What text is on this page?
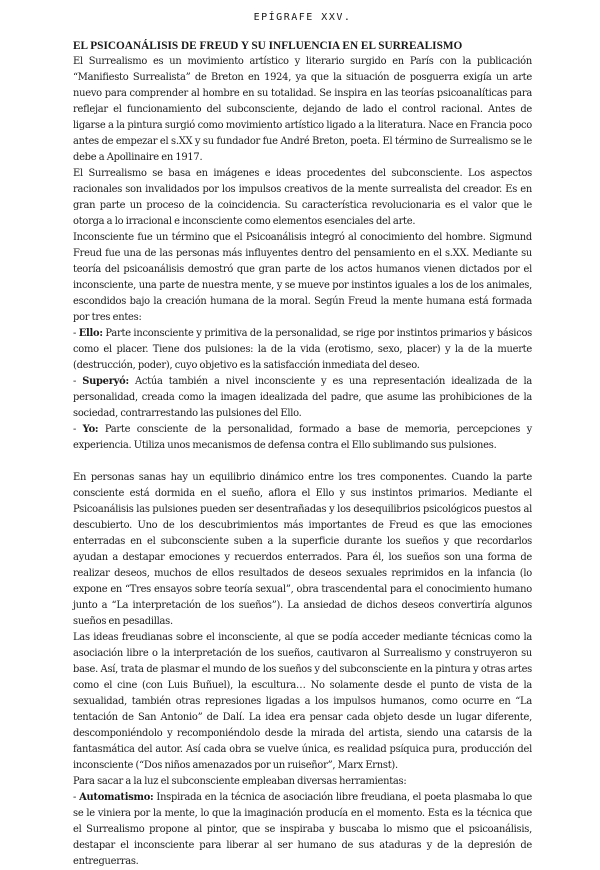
EPÍGRAFE XXV.

EL PSICOANÁLISIS DE FREUD Y SU INFLUENCIA EN EL SURREALISMO

El Surrealismo es un movimiento artístico y literario surgido en París con la publicación “Manifiesto Surrealista” de Breton en 1924, ya que la situación de posguerra exigía un arte nuevo para comprender al hombre en su totalidad. Se inspira en las teorías psicoanalíticas para reflejar el funcionamiento del subconsciente, dejando de lado el control racional. Antes de ligarse a la pintura surgió como movimiento artístico ligado a la literatura. Nace en Francia poco antes de empezar el s.XX y su fundador fue André Breton, poeta. El término de Surrealismo se le debe a Apollinaire en 1917.

El Surrealismo se basa en imágenes e ideas procedentes del subconsciente. Los aspectos racionales son invalidados por los impulsos creativos de la mente surrealista del creador. Es en gran parte un proceso de la coincidencia. Su característica revolucionaria es el valor que le otorga a lo irracional e inconsciente como elementos esenciales del arte.

Inconsciente fue un término que el Psicoanálisis integró al conocimiento del hombre. Sigmund Freud fue una de las personas más influyentes dentro del pensamiento en el s.XX. Mediante su teoría del psicoanálisis demostró que gran parte de los actos humanos vienen dictados por el inconsciente, una parte de nuestra mente, y se mueve por instintos iguales a los de los animales, escondidos bajo la creación humana de la moral. Según Freud la mente humana está formada por tres entes:

- Ello: Parte inconsciente y primitiva de la personalidad, se rige por instintos primarios y básicos como el placer. Tiene dos pulsiones: la de la vida (erotismo, sexo, placer) y la de la muerte (destrucción, poder), cuyo objetivo es la satisfacción inmediata del deseo.

- Superyó: Actúa también a nivel inconsciente y es una representación idealizada de la personalidad, creada como la imagen idealizada del padre, que asume las prohibiciones de la sociedad, contrarrestando las pulsiones del Ello.

- Yo: Parte consciente de la personalidad, formado a base de memoria, percepciones y experiencia. Utiliza unos mecanismos de defensa contra el Ello sublimando sus pulsiones.

En personas sanas hay un equilibrio dinámico entre los tres componentes. Cuando la parte consciente está dormida en el sueño, aflora el Ello y sus instintos primarios. Mediante el Psicoanálisis las pulsiones pueden ser desentrañadas y los desequilibrios psicológicos puestos al descubierto. Uno de los descubrimientos más importantes de Freud es que las emociones enterradas en el subconsciente suben a la superficie durante los sueños y que recordarlos ayudan a destapar emociones y recuerdos enterrados. Para él, los sueños son una forma de realizar deseos, muchos de ellos resultados de deseos sexuales reprimidos en la infancia (lo expone en “Tres ensayos sobre teoría sexual”, obra trascendental para el conocimiento humano junto a “La interpretación de los sueños”). La ansiedad de dichos deseos convertiría algunos sueños en pesadillas.

Las ideas freudianas sobre el inconsciente, al que se podía acceder mediante técnicas como la asociación libre o la interpretación de los sueños, cautivaron al Surrealismo y construyeron su base. Así, trata de plasmar el mundo de los sueños y del subconsciente en la pintura y otras artes como el cine (con Luis Buñuel), la escultura… No solamente desde el punto de vista de la sexualidad, también otras represiones ligadas a los impulsos humanos, como ocurre en “La tentación de San Antonio” de Dalí. La idea era pensar cada objeto desde un lugar diferente, descomponiéndolo y recomponiéndolo desde la mirada del artista, siendo una catarsis de la fantasmática del autor. Así cada obra se vuelve única, es realidad psíquica pura, producción del inconsciente (“Dos niños amenazados por un ruiseñor”, Marx Ernst).

Para sacar a la luz el subconsciente empleaban diversas herramientas:

- Automatismo: Inspirada en la técnica de asociación libre freudiana, el poeta plasmaba lo que se le viniera por la mente, lo que la imaginación producía en el momento. Esta es la técnica que el Surrealismo propone al pintor, que se inspiraba y buscaba lo mismo que el psicoanálisis, destapar el inconsciente para liberar al ser humano de sus ataduras y de la depresión de entreguerras.
